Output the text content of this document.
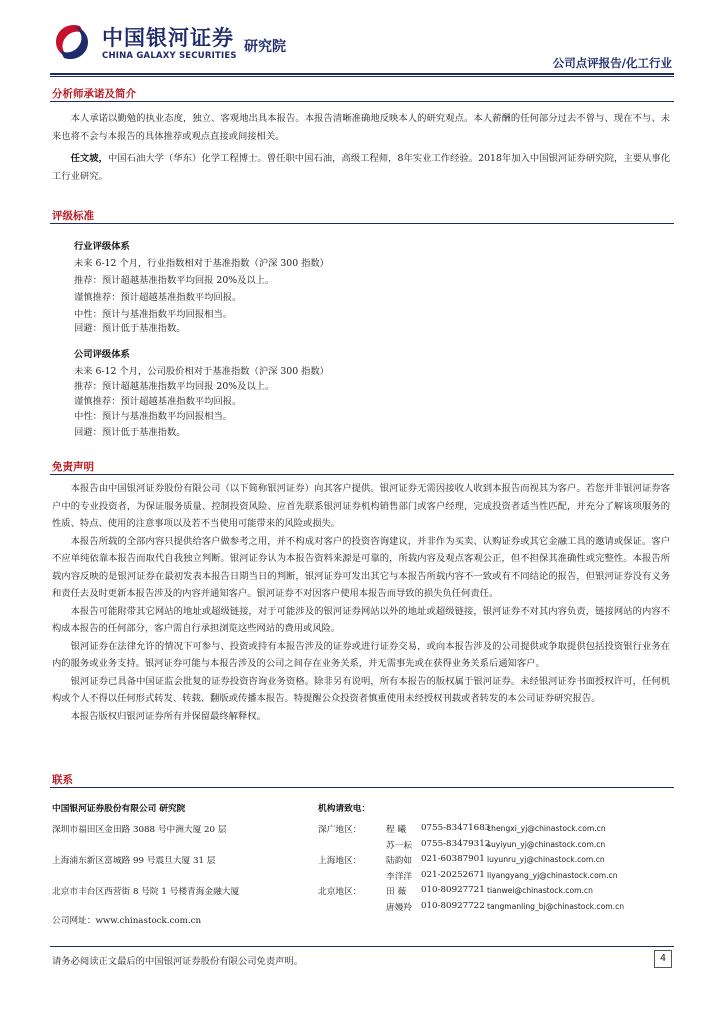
中国银河证券
CHINA GALAXY SECURITIES
研究院
公司点评报告/化工行业
分析师承诺及简介
本人承诺以勤勉的执业态度，独立、客观地出具本报告。本报告清晰准确地反映本人的研究观点。本人薪酬的任何部分过去不曾与、现在不与、未来也将不会与本报告的具体推荐或观点直接或间接相关。
任文坡，中国石油大学（华东）化学工程博士。曾任职中国石油，高级工程师，8年实业工作经验。2018年加入中国银河证券研究院，主要从事化工行业研究。
评级标准
行业评级体系
未来 6-12 个月，行业指数相对于基准指数（沪深 300 指数）
推荐：预计超越基准指数平均回报 20%及以上。
谨慎推荐：预计超越基准指数平均回报。
中性：预计与基准指数平均回报相当。
回避：预计低于基准指数。
公司评级体系
未来 6-12 个月，公司股价相对于基准指数（沪深 300 指数）
推荐：预计超越基准指数平均回报 20%及以上。
谨慎推荐：预计超越基准指数平均回报。
中性：预计与基准指数平均回报相当。
回避：预计低于基准指数。
免责声明

本报告由中国银河证券股份有限公司（以下简称银河证券）向其客户提供。银河证券无需因接收人收到本报告而视其为客户。若您并非银河证券客户中的专业投资者，为保证服务质量、控制投资风险、应首先联系银河证券机构销售部门或客户经理，完成投资者适当性匹配，并充分了解该项服务的性质、特点、使用的注意事项以及若不当使用可能带来的风险或损失。

本报告所载的全部内容只提供给客户做参考之用，并不构成对客户的投资咨询建议，并非作为买卖、认购证券或其它金融工具的邀请或保证。客户不应单纯依靠本报告而取代自我独立判断。银河证券认为本报告资料来源是可靠的，所载内容及观点客观公正，但不担保其准确性或完整性。本报告所载内容反映的是银河证券在最初发表本报告日期当日的判断，银河证券可发出其它与本报告所载内容不一致或有不同结论的报告，但银河证券没有义务和责任去及时更新本报告涉及的内容并通知客户。银河证券不对因客户使用本报告而导致的损失负任何责任。

本报告可能附带其它网站的地址或超级链接，对于可能涉及的银河证券网站以外的地址或超级链接，银河证券不对其内容负责，链接网站的内容不构成本报告的任何部分，客户需自行承担浏览这些网站的费用或风险。

银河证券在法律允许的情况下可参与、投资或持有本报告涉及的证券或进行证券交易，或向本报告涉及的公司提供或争取提供包括投资银行业务在内的服务或业务支持。银河证券可能与本报告涉及的公司之间存在业务关系，并无需事先或在获得业务关系后通知客户。

银河证券已具备中国证监会批复的证券投资咨询业务资格。除非另有说明，所有本报告的版权属于银河证券。未经银河证券书面授权许可，任何机构或个人不得以任何形式转发、转载、翻版或传播本报告。特提醒公众投资者慎重使用未经授权刊载或者转发的本公司证券研究报告。

本报告版权归银河证券所有并保留最终解释权。

联系
中国银河证券股份有限公司 研究院	机构请致电：
深圳市福田区金田路 3088 号中洲大厦 20 层
上海浦东新区富城路 99 号震旦大厦 31 层
北京市丰台区西营街 8 号院 1 号楼青海金融大厦
公司网址：www.chinastock.com.cn
深广地区：
上海地区：
北京地区：
程 曦 0755-83471683
chengxi_yj@chinastock.com.cn
苏一耘 0755-83479312
suyiyun_yj@chinastock.com.cn
陆韵如 021-60387901 luyunru_yj@chinastock.com.cn
李洋洋 021-20252671 liyangyang_yj@chinastock.com.cn
田 薇 010-80927721 tianwei@chinastock.com.cn
唐嫚羚 010-80927722 tangmanling_bj@chinastock.com.cn
请务必阅读正文最后的中国银河证券股份有限公司免责声明。	4
